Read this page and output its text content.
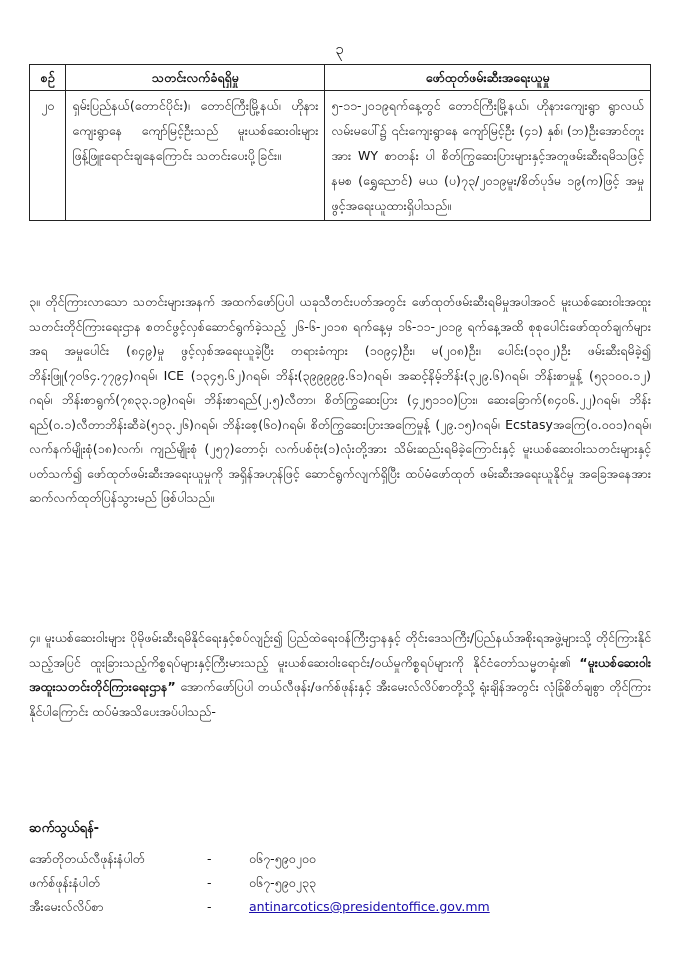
၃
စဉ်	သတင်းလက်ခံရရှိမှု	ဖော်ထုတ်ဖမ်းဆီးအရေးယူမှု
၂၀	ရှမ်းပြည်နယ်(တောင်ပိုင်း)၊ တောင်ကြီးမြို့နယ်၊ ဟိုနားကျေးရွာနေ ကျော်မြင့်ဦးသည် မူးယစ်ဆေးဝါးများ ဖြန့်ဖြူးရောင်းချနေကြောင်း သတင်းပေးပို့ခြင်း။	၅-၁၁-၂၀၁၉ရက်နေ့တွင် တောင်ကြီးမြို့နယ်၊ ဟိုနားကျေးရွာ ရွာလယ်လမ်းမပေါ်၌ ၎င်းကျေးရွာနေ ကျော်မြင့်ဦး (၄၁) နှစ်၊ (ဘ)ဦးအောင်တူးအား WY စာတန်း ပါ စိတ်ကြွဆေးပြားများနှင့်အတူဖမ်းဆီးရမိသဖြင့် နမစ (ရွှေညောင်) မယ (ပ)၇၃/၂၀၁၉မူး/စိတ်ပုဒ်မ ၁၉(က)ဖြင့် အမှုဖွင့်အရေးယူထားရှိပါသည်။

၃။ တိုင်ကြားလာသော သတင်းများအနက် အထက်ဖော်ပြပါ ယခုသီတင်းပတ်အတွင်း ဖော်ထုတ်ဖမ်းဆီးရမိမှုအပါအဝင် မူးယစ်ဆေးဝါးအထူးသတင်းတိုင်ကြားရေးဌာန စတင်ဖွင့်လှစ်ဆောင်ရွက်ခဲ့သည့် ၂၆-၆-၂၀၁၈ ရက်နေ့မှ ၁၆-၁၁-၂၀၁၉ ရက်နေ့အထိ စုစုပေါင်းဖော်ထုတ်ချက်များအရ အမှုပေါင်း (၈၄၉)မှု ဖွင့်လှစ်အရေးယူခဲ့ပြီး တရားခံကျား (၁၀၉၄)ဦး၊ မ(၂၀၈)ဦး၊ ပေါင်း(၁၃၀၂)ဦး ဖမ်းဆီးရမိခဲ့၍ ဘိန်းဖြူ(၇၀၆၄.၇၇၉၄)ဂရမ်၊ ICE (၁၃၄၅.၆၂)ဂရမ်၊ ဘိန်း(၃၉၉၉၉၉.၆၁)ဂရမ်၊ အဆင့်နိမ့်ဘိန်း(၃၂၉.၆)ဂရမ်၊ ဘိန်းစာမှုန့် (၅၃၁၀၀.၁၂) ဂရမ်၊ ဘိန်းစာရွက်(၇၈၃၃.၁၉)ဂရမ်၊ ဘိန်းစာရည်(၂.၅)လီတာ၊ စိတ်ကြွဆေးပြား (၄၂၅၁၁၀)ပြား၊ ဆေးခြောက်(၈၄၀၆.၂၂)ဂရမ်၊ ဘိန်းရည်(၀.၁)လီတာဘိန်းဆီခဲ(၅၁၃.၂၆)ဂရမ်၊ ဘိန်းစေ့(၆၀)ဂရမ်၊ စိတ်ကြွဆေးပြားအကြေမှုန့် (၂၉.၁၅)ဂရမ်၊ Ecstasyအကြေ(၀.၀၀၁)ဂရမ်၊ လက်နက်မျိုးစုံ(၁၈)လက်၊ ကျည်မျိုးစုံ (၂၅၇)တောင့်၊ လက်ပစ်ဗုံး(၁)လုံးတို့အား သိမ်းဆည်းရမိခဲ့ကြောင်းနှင့် မူးယစ်ဆေးဝါးသတင်းများနှင့် ပတ်သက်၍ ဖော်ထုတ်ဖမ်းဆီးအရေးယူမှုကို အရှိန်အဟုန်ဖြင့် ဆောင်ရွက်လျက်ရှိပြီး ထပ်မံဖော်ထုတ် ဖမ်းဆီးအရေးယူနိုင်မှု အခြေအနေအား ဆက်လက်ထုတ်ပြန်သွားမည် ဖြစ်ပါသည်။

၄။ မူးယစ်ဆေးဝါးများ ပိုမိုဖမ်းဆီးရမိနိုင်ရေးနှင့်စပ်လျဉ်း၍ ပြည်ထဲရေးဝန်ကြီးဌာနနှင့် တိုင်းဒေသကြီး/ပြည်နယ်အစိုးရအဖွဲ့များသို့ တိုင်ကြားနိုင်သည့်အပြင် ထူးခြားသည့်ကိစ္စရပ်များနှင့်ကြီးမားသည့် မူးယစ်ဆေးဝါးရောင်း/ဝယ်မှုကိစ္စရပ်များကို နိုင်ငံတော်သမ္မတရုံး၏ “မူးယစ်ဆေးဝါးအထူးသတင်းတိုင်ကြားရေးဌာန” အောက်ဖော်ပြပါ တယ်လီဖုန်း/ဖက်စ်ဖုန်းနှင့် အီးမေးလ်လိပ်စာတို့သို့ ရုံးချိန်အတွင်း လုံခြုံစိတ်ချစွာ တိုင်ကြားနိုင်ပါကြောင်း ထပ်မံအသိပေးအပ်ပါသည်-

ဆက်သွယ်ရန်-
အော်တိုတယ်လီဖုန်းနံပါတ်	-	၀၆၇-၅၉၀၂၀၀
ဖက်စ်ဖုန်းနံပါတ်	-	၀၆၇-၅၉၀၂၃၃
အီးမေးလ်လိပ်စာ	-	antinarcotics@presidentoffice.gov.mm
